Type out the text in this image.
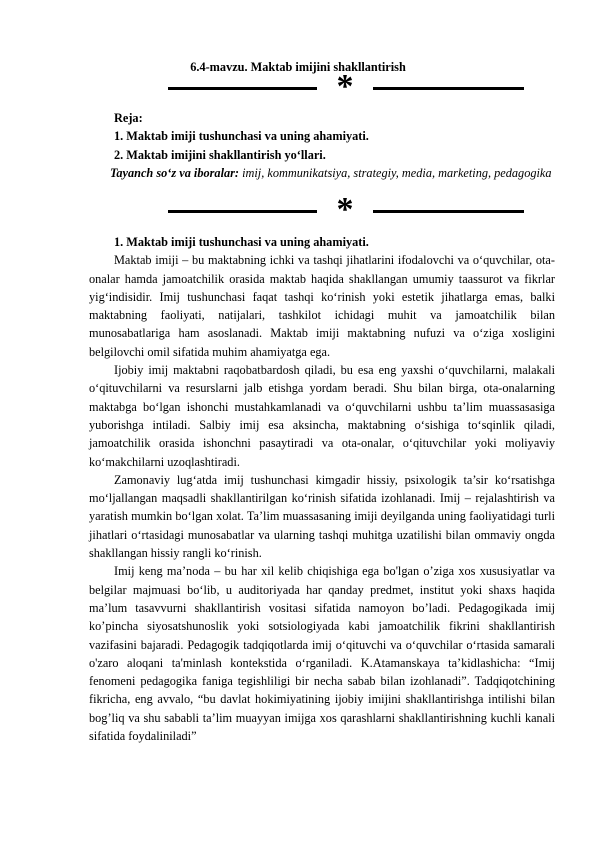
6.4-mavzu. Maktab imijini shakllantirish
*
Reja:
1. Maktab imiji tushunchasi va uning ahamiyati.
2. Maktab imijini shakllantirish yo‘llari.
Tayanch so‘z va iboralar: imij, kommunikatsiya, strategiy, media, marketing, pedagogika
*
1. Maktab imiji tushunchasi va uning ahamiyati.
Maktab imiji – bu maktabning ichki va tashqi jihatlarini ifodalovchi va o‘quvchilar, ota-onalar hamda jamoatchilik orasida maktab haqida shakllangan umumiy taassurot va fikrlar yig‘indisidir. Imij tushunchasi faqat tashqi ko‘rinish yoki estetik jihatlarga emas, balki maktabning faoliyati, natijalari, tashkilot ichidagi muhit va jamoatchilik bilan munosabatlariga ham asoslanadi. Maktab imiji maktabning nufuzi va o‘ziga xosligini belgilovchi omil sifatida muhim ahamiyatga ega.
Ijobiy imij maktabni raqobatbardosh qiladi, bu esa eng yaxshi o‘quvchilarni, malakali o‘qituvchilarni va resurslarni jalb etishga yordam beradi. Shu bilan birga, ota-onalarning maktabga bo‘lgan ishonchi mustahkamlanadi va o‘quvchilarni ushbu ta’lim muassasasiga yuborishga intiladi. Salbiy imij esa aksincha, maktabning o‘sishiga to‘sqinlik qiladi, jamoatchilik orasida ishonchni pasaytiradi va ota-onalar, o‘qituvchilar yoki moliyaviy ko‘makchilarni uzoqlashtiradi.
Zamonaviy lug‘atda imij tushunchasi kimgadir hissiy, psixologik ta’sir ko‘rsatishga mo‘ljallangan maqsadli shakllantirilgan ko‘rinish sifatida izohlanadi. Imij – rejalashtirish va yaratish mumkin bo‘lgan xolat. Ta’lim muassasaning imiji deyilganda uning faoliyatidagi turli jihatlari o‘rtasidagi munosabatlar va ularning tashqi muhitga uzatilishi bilan ommaviy ongda shakllangan hissiy rangli ko‘rinish.
Imij keng ma’noda – bu har xil kelib chiqishiga ega bo'lgan o’ziga xos xususiyatlar va belgilar majmuasi bo‘lib, u auditoriyada har qanday predmet, institut yoki shaxs haqida ma’lum tasavvurni shakllantirish vositasi sifatida namoyon bo’ladi. Pedagogikada imij ko’pincha siyosatshunoslik yoki sotsiologiyada kabi jamoatchilik fikrini shakllantirish vazifasini bajaradi. Pedagogik tadqiqotlarda imij o‘qituvchi va o‘quvchilar o‘rtasida samarali o'zaro aloqani ta'minlash kontekstida o‘rganiladi. K.Atamanskaya ta’kidlashicha: “Imij fenomeni pedagogika faniga tegishliligi bir necha sabab bilan izohlanadi”. Tadqiqotchining fikricha, eng avvalo, “bu davlat hokimiyatining ijobiy imijini shakllantirishga intilishi bilan bog’liq va shu sababli ta’lim muayyan imijga xos qarashlarni shakllantirishning kuchli kanali sifatida foydaliniladi”
